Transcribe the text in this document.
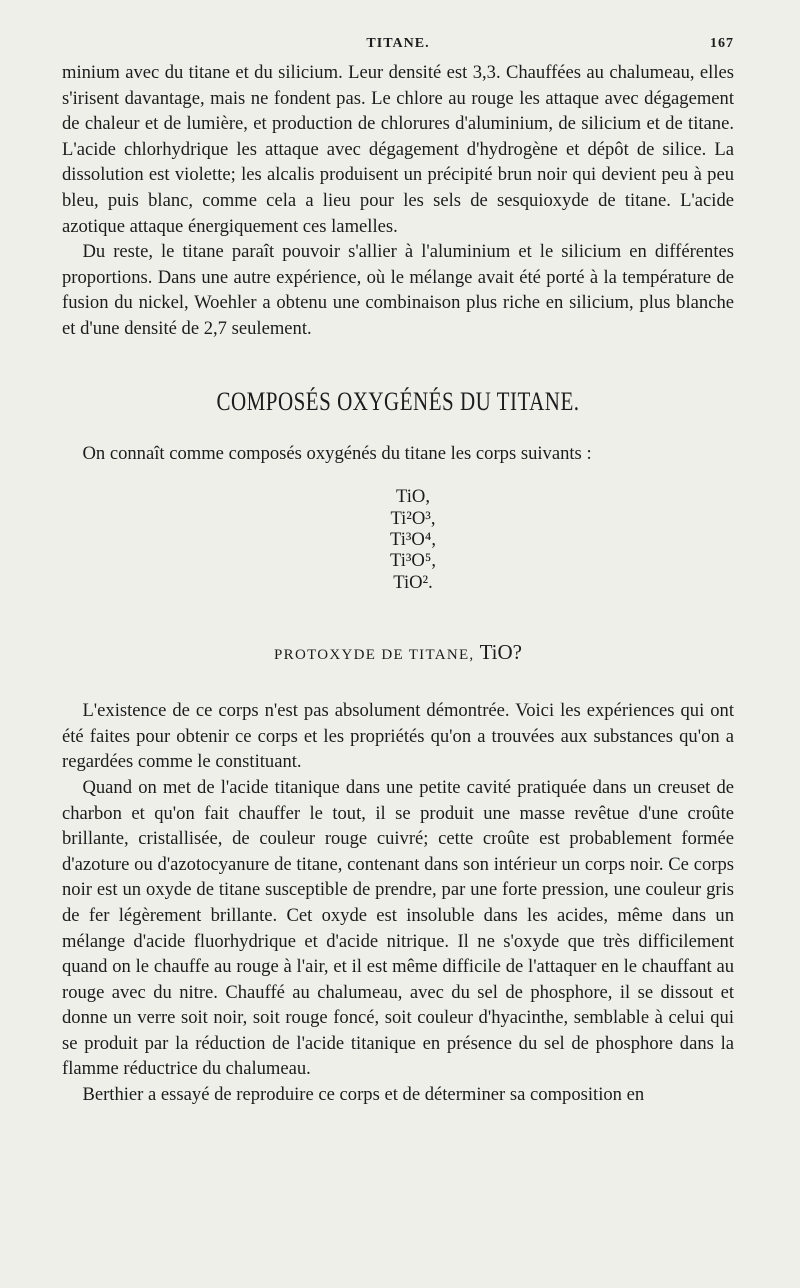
TITANE.	167

minium avec du titane et du silicium. Leur densité est 3,3. Chauffées au chalumeau, elles s'irisent davantage, mais ne fondent pas. Le chlore au rouge les attaque avec dégagement de chaleur et de lumière, et production de chlorures d'aluminium, de silicium et de titane. L'acide chlorhydrique les attaque avec dégagement d'hydrogène et dépôt de silice. La dissolution est violette; les alcalis produisent un précipité brun noir qui devient peu à peu bleu, puis blanc, comme cela a lieu pour les sels de sesquioxyde de titane. L'acide azotique attaque énergiquement ces lamelles.

Du reste, le titane paraît pouvoir s'allier à l'aluminium et le silicium en différentes proportions. Dans une autre expérience, où le mélange avait été porté à la température de fusion du nickel, Woehler a obtenu une combinaison plus riche en silicium, plus blanche et d'une densité de 2,7 seulement.

COMPOSÉS OXYGÉNÉS DU TITANE.

On connaît comme composés oxygénés du titane les corps suivants :

TiO,
Ti²O³,
Ti³O⁴,
Ti³O⁵,
TiO².
PROTOXYDE DE TITANE, TiO?

L'existence de ce corps n'est pas absolument démontrée. Voici les expériences qui ont été faites pour obtenir ce corps et les propriétés qu'on a trouvées aux substances qu'on a regardées comme le constituant.

Quand on met de l'acide titanique dans une petite cavité pratiquée dans un creuset de charbon et qu'on fait chauffer le tout, il se produit une masse revêtue d'une croûte brillante, cristallisée, de couleur rouge cuivré; cette croûte est probablement formée d'azoture ou d'azotocyanure de titane, contenant dans son intérieur un corps noir. Ce corps noir est un oxyde de titane susceptible de prendre, par une forte pression, une couleur gris de fer légèrement brillante. Cet oxyde est insoluble dans les acides, même dans un mélange d'acide fluorhydrique et d'acide nitrique. Il ne s'oxyde que très difficilement quand on le chauffe au rouge à l'air, et il est même difficile de l'attaquer en le chauffant au rouge avec du nitre. Chauffé au chalumeau, avec du sel de phosphore, il se dissout et donne un verre soit noir, soit rouge foncé, soit couleur d'hyacinthe, semblable à celui qui se produit par la réduction de l'acide titanique en présence du sel de phosphore dans la flamme réductrice du chalumeau.

Berthier a essayé de reproduire ce corps et de déterminer sa composition en
